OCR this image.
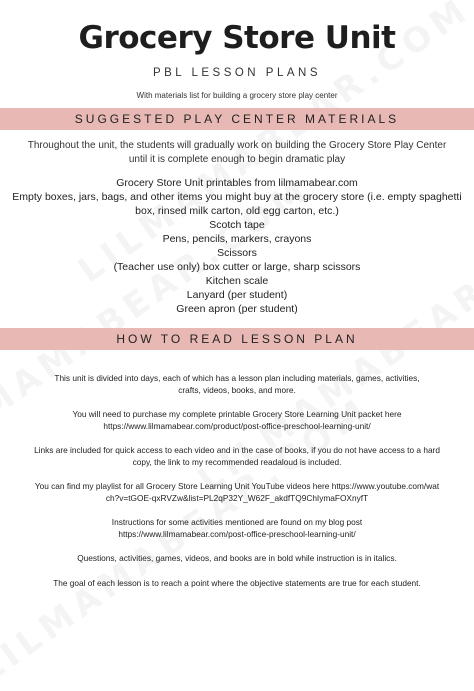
Grocery Store Unit
PBL LESSON PLANS
With materials list for building a grocery store play center
SUGGESTED PLAY CENTER MATERIALS
Throughout the unit, the students will gradually work on building the Grocery Store Play Center until it is complete enough to begin dramatic play
Grocery Store Unit printables from lilmamabear.com
Empty boxes, jars, bags, and other items you might buy at the grocery store (i.e. empty spaghetti box, rinsed milk carton, old egg carton, etc.)
Scotch tape
Pens, pencils, markers, crayons
Scissors
(Teacher use only) box cutter or large, sharp scissors
Kitchen scale
Lanyard (per student)
Green apron (per student)
HOW TO READ LESSON PLAN

This unit is divided into days, each of which has a lesson plan including materials, games, activities, crafts, videos, books, and more.

You will need to purchase my complete printable Grocery Store Learning Unit packet here https://www.lilmamabear.com/product/post-office-preschool-learning-unit/

Links are included for quick access to each video and in the case of books, if you do not have access to a hard copy, the link to my recommended readaloud is included.

You can find my playlist for all Grocery Store Learning Unit YouTube videos here https://www.youtube.com/watch?v=tGOE-qxRVZw&list=PL2qP32Y_W62F_akdfTQ9ChIymaFOXnyfT

Instructions for some activities mentioned are found on my blog post https://www.lilmamabear.com/post-office-preschool-learning-unit/

Questions, activities, games, videos, and books are in bold while instruction is in italics.

The goal of each lesson is to reach a point where the objective statements are true for each student.
